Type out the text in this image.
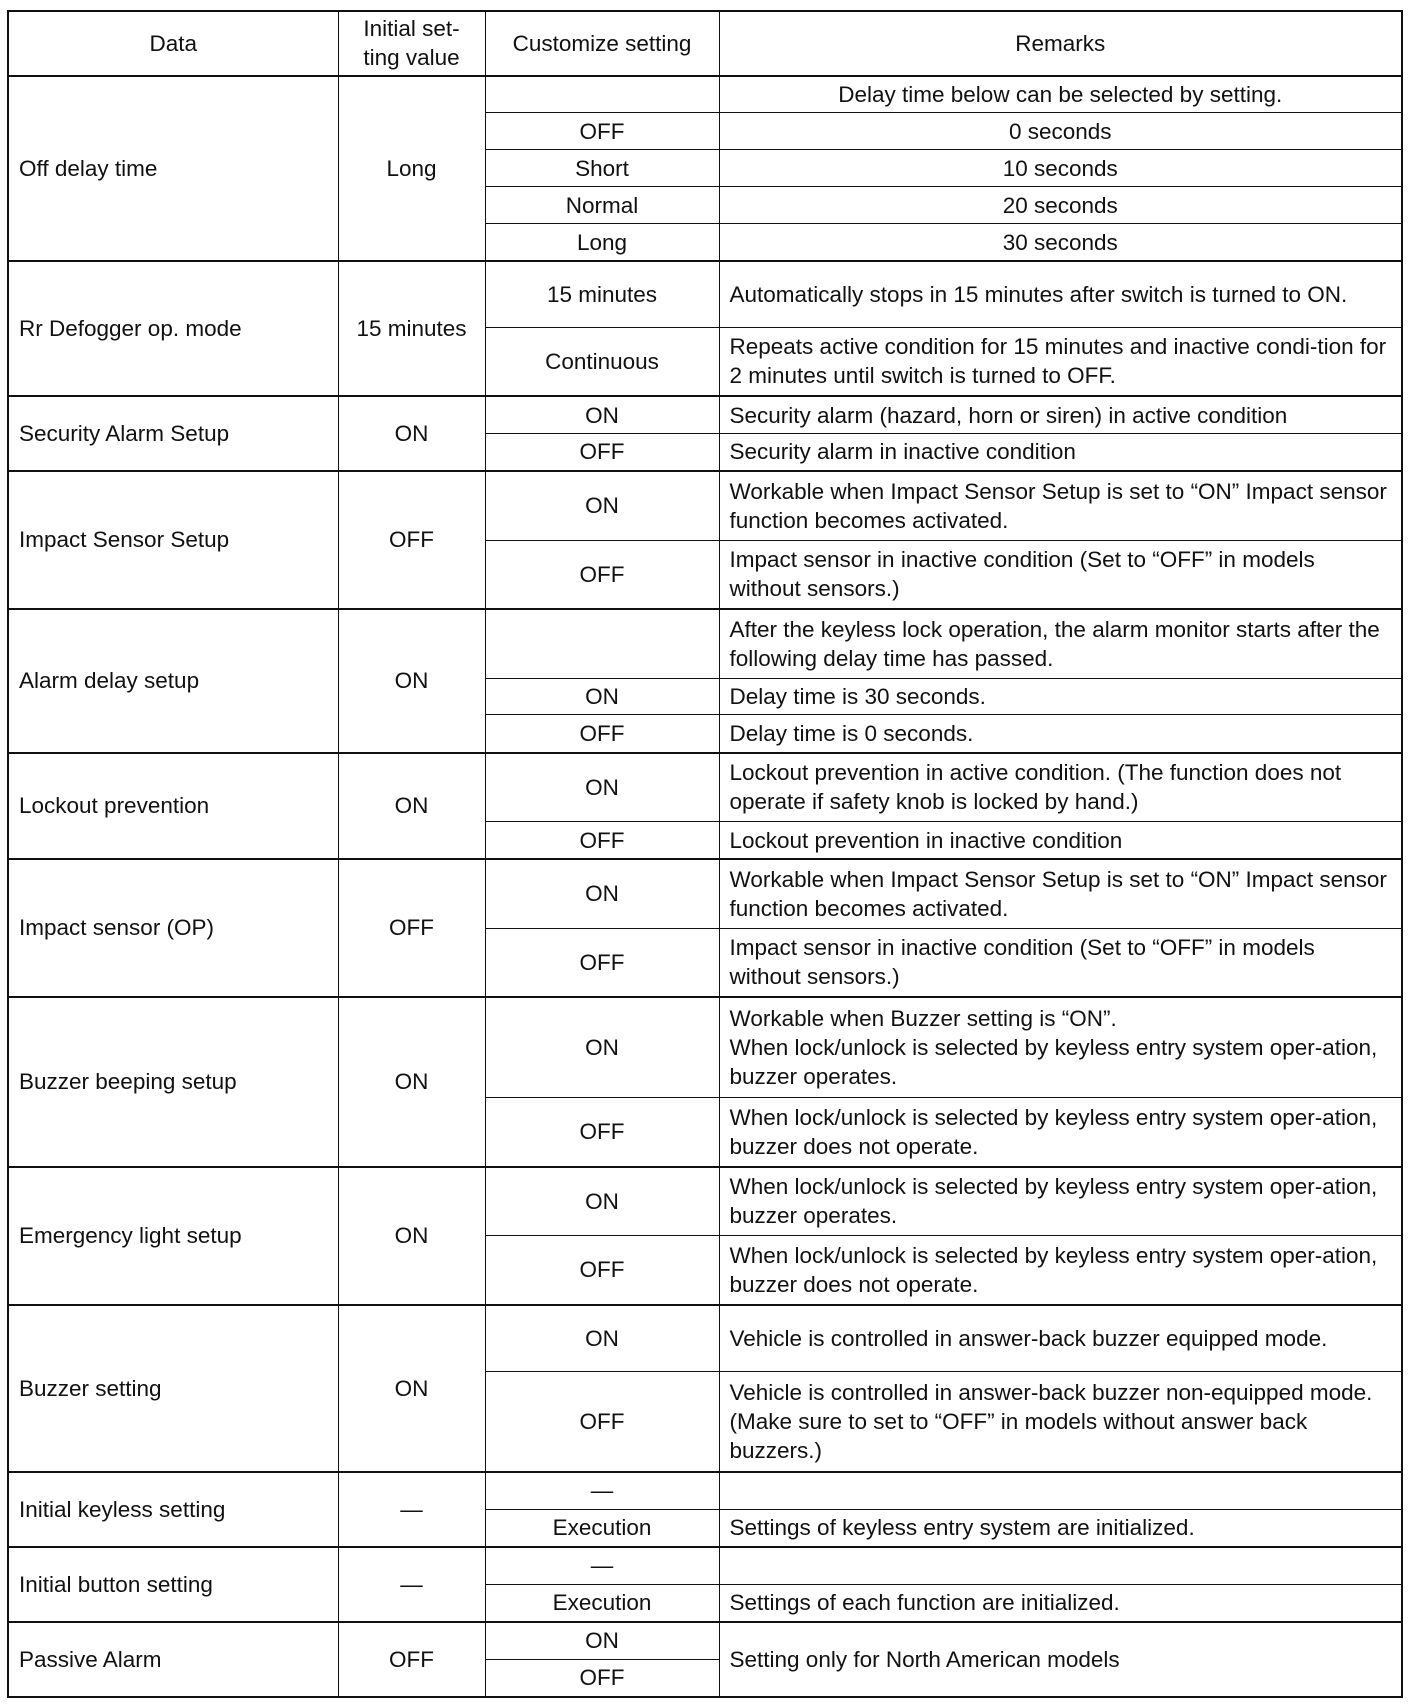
Data	Initial set-
ting value	Customize setting	Remarks
Off delay time	Long		Delay time below can be selected by setting.
		OFF	0 seconds
		Short	10 seconds
		Normal	20 seconds
		Long	30 seconds
Rr Defogger op. mode	15 minutes	15 minutes	Automatically stops in 15 minutes after switch is turned to ON.
		Continuous	Repeats active condition for 15 minutes and inactive condi-tion for 2 minutes until switch is turned to OFF.
Security Alarm Setup	ON	ON	Security alarm (hazard, horn or siren) in active condition
		OFF	Security alarm in inactive condition
Impact Sensor Setup	OFF	ON	Workable when Impact Sensor Setup is set to “ON” Impact sensor function becomes activated.
		OFF	Impact sensor in inactive condition (Set to “OFF” in models without sensors.)
Alarm delay setup	ON		After the keyless lock operation, the alarm monitor starts after the following delay time has passed.
		ON	Delay time is 30 seconds.
		OFF	Delay time is 0 seconds.
Lockout prevention	ON	ON	Lockout prevention in active condition. (The function does not operate if safety knob is locked by hand.)
		OFF	Lockout prevention in inactive condition
Impact sensor (OP)	OFF	ON	Workable when Impact Sensor Setup is set to “ON” Impact sensor function becomes activated.
		OFF	Impact sensor in inactive condition (Set to “OFF” in models without sensors.)
Buzzer beeping setup	ON	ON	Workable when Buzzer setting is “ON”.
When lock/unlock is selected by keyless entry system oper-ation, buzzer operates.
		OFF	When lock/unlock is selected by keyless entry system oper-ation, buzzer does not operate.
Emergency light setup	ON	ON	When lock/unlock is selected by keyless entry system oper-ation, buzzer operates.
		OFF	When lock/unlock is selected by keyless entry system oper-ation, buzzer does not operate.
Buzzer setting	ON	ON	Vehicle is controlled in answer-back buzzer equipped mode.
		OFF	Vehicle is controlled in answer-back buzzer non-equipped mode. (Make sure to set to “OFF” in models without answer back buzzers.)
Initial keyless setting	—	—	
		Execution	Settings of keyless entry system are initialized.
Initial button setting	—	—	
		Execution	Settings of each function are initialized.
Passive Alarm	OFF	ON	Setting only for North American models
		OFF	
